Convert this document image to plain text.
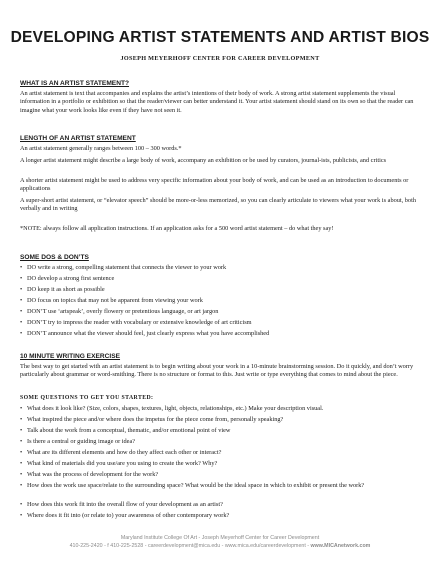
DEVELOPING ARTIST STATEMENTS AND ARTIST BIOS
JOSEPH MEYERHOFF CENTER FOR CAREER DEVELOPMENT
WHAT IS AN ARTIST STATEMENT?
An artist statement is text that accompanies and explains the artist’s intentions of their body of work. A strong artist statement supplements the visual information in a portfolio or exhibition so that the reader/viewer can better understand it. Your artist statement should stand on its own so that the reader can imagine what your work looks like even if they have not seen it.
LENGTH OF AN ARTIST STATEMENT
An artist statement generally ranges between 100 – 300 words.*
A longer artist statement might describe a large body of work, accompany an exhibition or be used by curators, journal-ists, publicists, and critics
A shorter artist statement might be used to address very specific information about your body of work, and can be used as an introduction to documents or applications
A super-short artist statement, or “elevator speech” should be more-or-less memorized, so you can clearly articulate to viewers what your work is about, both verbally and in writing
*NOTE: always follow all application instructions. If an application asks for a 500 word artist statement – do what they say!
SOME DOS & DON’TS
• DO write a strong, compelling statement that connects the viewer to your work
• DO develop a strong first sentence
• DO keep it as short as possible
• DO focus on topics that may not be apparent from viewing your work
• DON’T use ‘artspeak’, overly flowery or pretentious language, or art jargon
• DON’T try to impress the reader with vocabulary or extensive knowledge of art criticism
• DON’T announce what the viewer should feel, just clearly express what you have accomplished
10 MINUTE WRITING EXERCISE
The best way to get started with an artist statement is to begin writing about your work in a 10-minute brainstorming session. Do it quickly, and don’t worry particularly about grammar or word-smithing. There is no structure or format to this. Just write or type everything that comes to mind about the piece.
SOME QUESTIONS TO GET YOU STARTED:
• What does it look like? (Size, colors, shapes, textures, light, objects, relationships, etc.) Make your description visual.
• What inspired the piece and/or where does the impetus for the piece come from, personally speaking?
• Talk about the work from a conceptual, thematic, and/or emotional point of view
• Is there a central or guiding image or idea?
• What are its different elements and how do they affect each other or interact?
• What kind of materials did you use/are you using to create the work? Why?
• What was the process of development for the work?
• How does the work use space/relate to the surrounding space? What would be the ideal space in which to exhibit or present the work?
• How does this work fit into the overall flow of your development as an artist?
• Where does it fit into (or relate to) your awareness of other contemporary work?
Maryland Institute College Of Art - Joseph Meyerhoff Center for Career Development
410-225-2420 - f 410-225-2528 - careerdevelopment@mica.edu - www.mica.edu/careerdevelopment - www.MICAnetwork.com
